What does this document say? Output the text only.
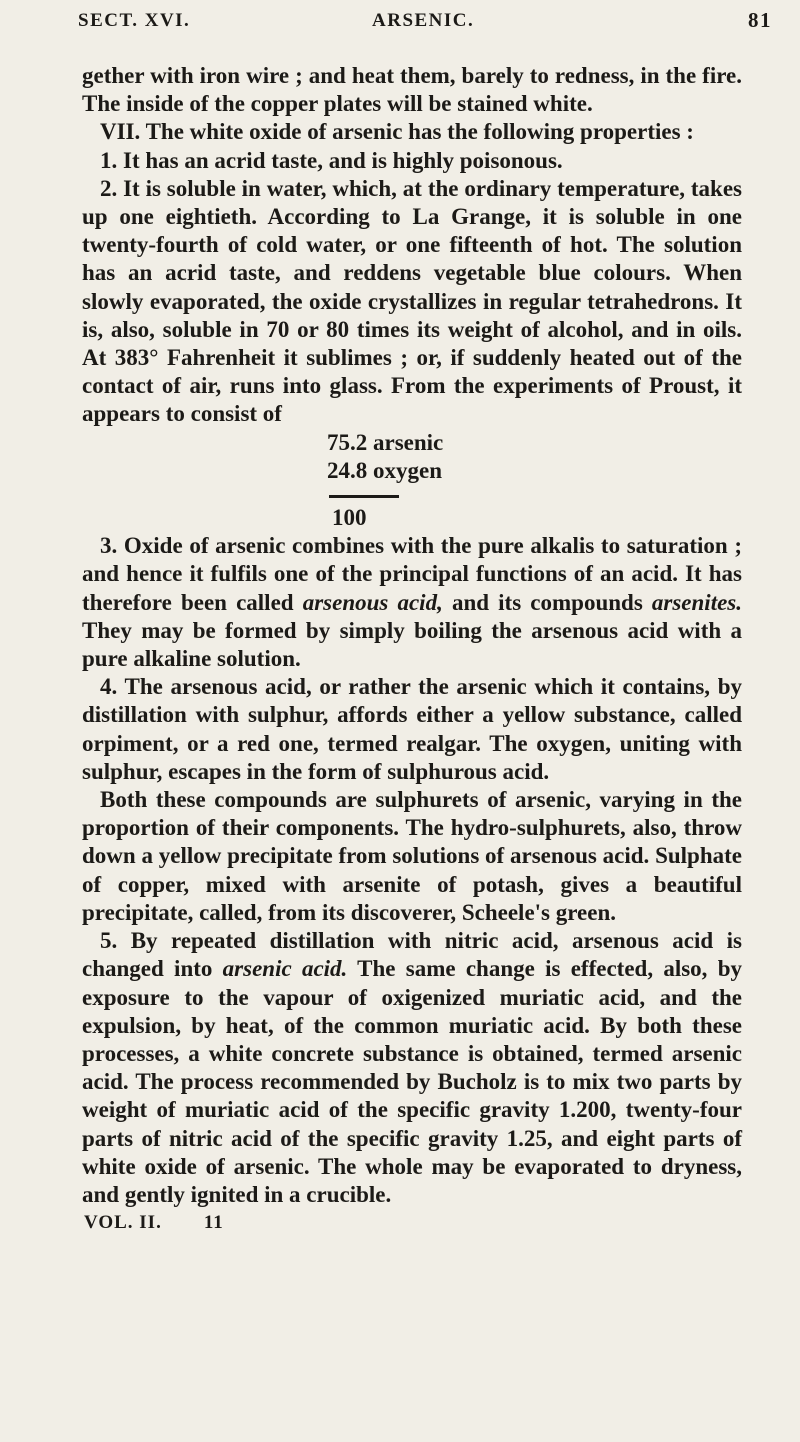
SECT. XVI.	ARSENIC.	81

gether with iron wire ; and heat them, barely to redness, in the fire. The inside of the copper plates will be stained white.

VII. The white oxide of arsenic has the following properties :

1. It has an acrid taste, and is highly poisonous.

2. It is soluble in water, which, at the ordinary temperature, takes up one eightieth. According to La Grange, it is soluble in one twenty-fourth of cold water, or one fifteenth of hot. The solution has an acrid taste, and reddens vegetable blue colours. When slowly evaporated, the oxide crystallizes in regular tetrahedrons. It is, also, soluble in 70 or 80 times its weight of alcohol, and in oils. At 383° Fahrenheit it sublimes ; or, if suddenly heated out of the contact of air, runs into glass. From the experiments of Proust, it appears to consist of

75.2 arsenic

24.8 oxygen

100

3. Oxide of arsenic combines with the pure alkalis to saturation ; and hence it fulfils one of the principal functions of an acid. It has therefore been called arsenous acid, and its compounds arsenites. They may be formed by simply boiling the arsenous acid with a pure alkaline solution.

4. The arsenous acid, or rather the arsenic which it contains, by distillation with sulphur, affords either a yellow substance, called orpiment, or a red one, termed realgar. The oxygen, uniting with sulphur, escapes in the form of sulphurous acid.

Both these compounds are sulphurets of arsenic, varying in the proportion of their components. The hydro-sulphurets, also, throw down a yellow precipitate from solutions of arsenous acid. Sulphate of copper, mixed with arsenite of potash, gives a beautiful precipitate, called, from its discoverer, Scheele's green.

5. By repeated distillation with nitric acid, arsenous acid is changed into arsenic acid. The same change is effected, also, by exposure to the vapour of oxigenized muriatic acid, and the expulsion, by heat, of the common muriatic acid. By both these processes, a white concrete substance is obtained, termed arsenic acid. The process recommended by Bucholz is to mix two parts by weight of muriatic acid of the specific gravity 1.200, twenty-four parts of nitric acid of the specific gravity 1.25, and eight parts of white oxide of arsenic. The whole may be evaporated to dryness, and gently ignited in a crucible.

VOL. II. 11
